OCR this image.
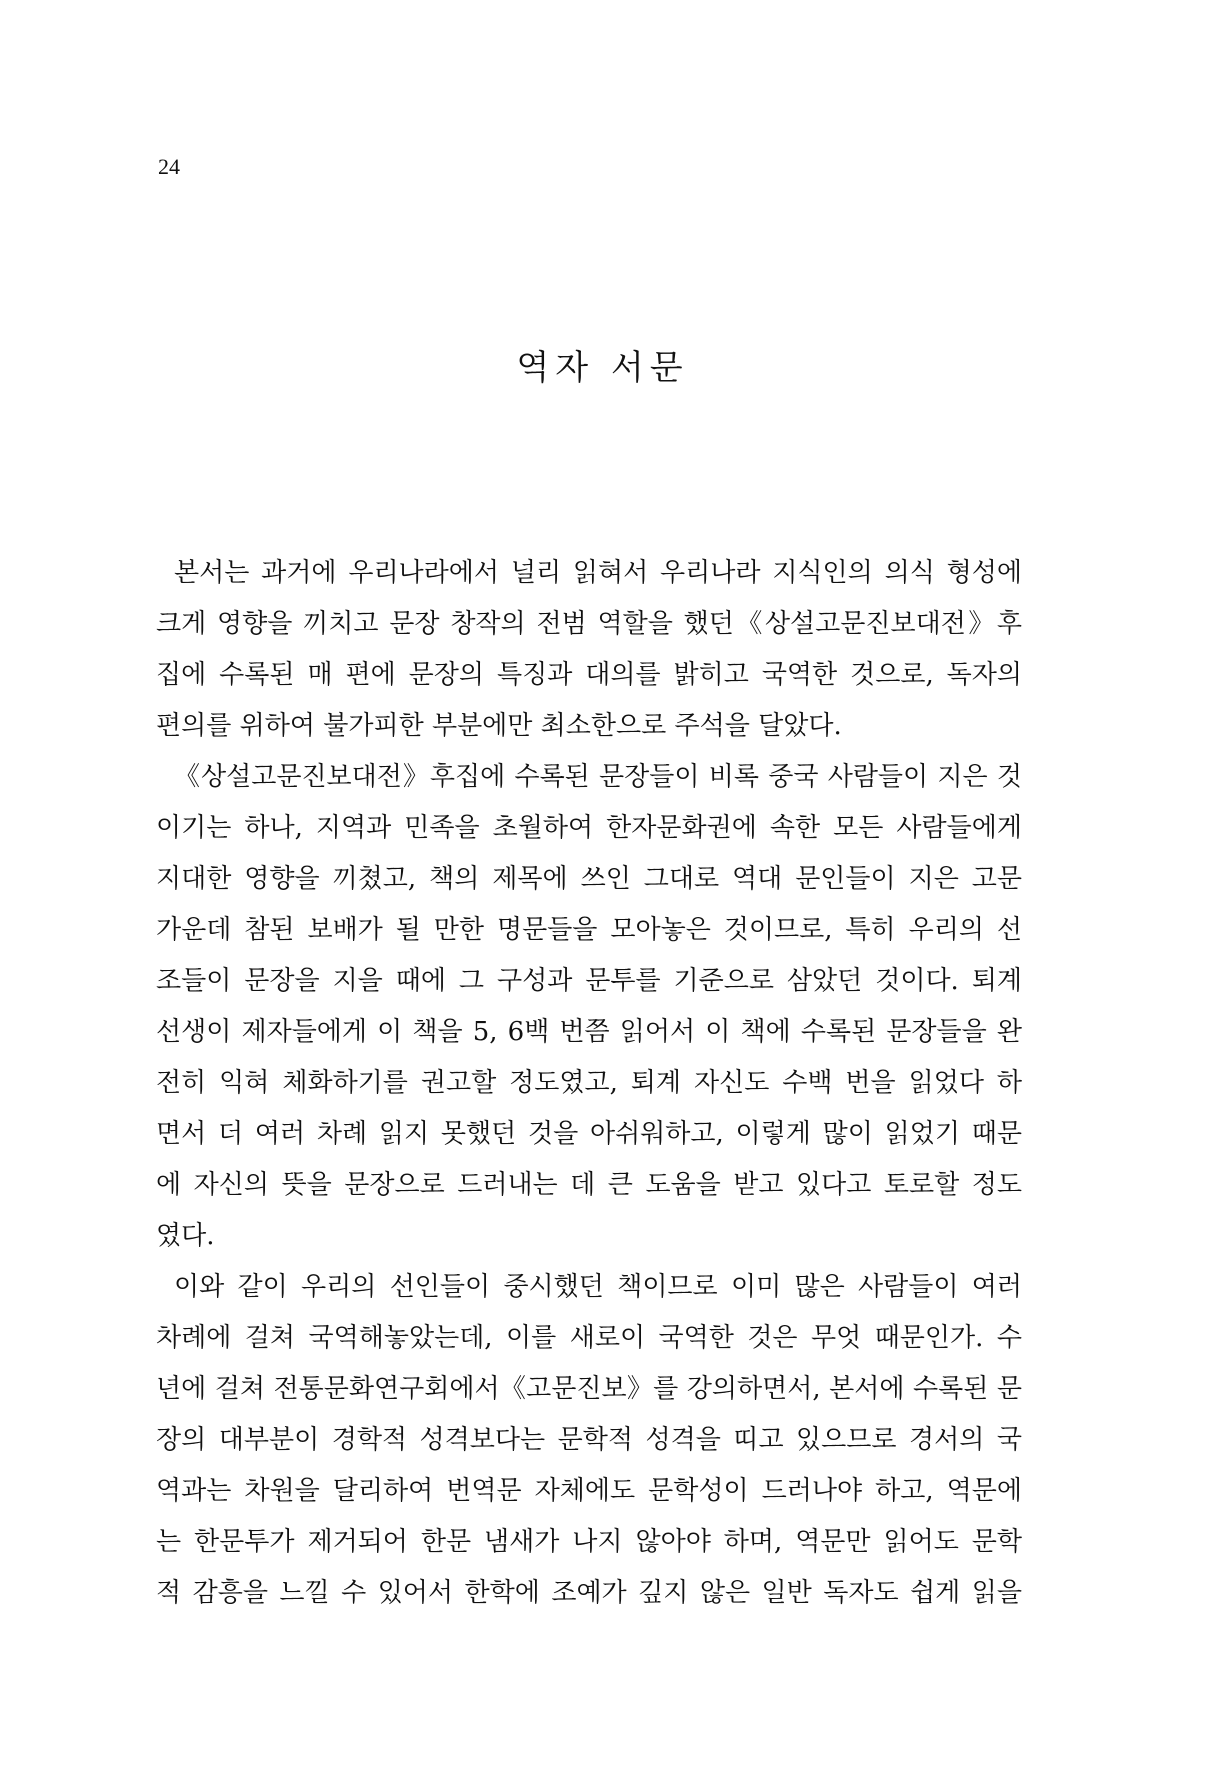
24
역자 서문
본서는 과거에 우리나라에서 널리 읽혀서 우리나라 지식인의 의식 형성에
크게 영향을 끼치고 문장 창작의 전범 역할을 했던《상설고문진보대전》후
집에 수록된 매 편에 문장의 특징과 대의를 밝히고 국역한 것으로, 독자의
편의를 위하여 불가피한 부분에만 최소한으로 주석을 달았다.
《상설고문진보대전》후집에 수록된 문장들이 비록 중국 사람들이 지은 것
이기는 하나, 지역과 민족을 초월하여 한자문화권에 속한 모든 사람들에게
지대한 영향을 끼쳤고, 책의 제목에 쓰인 그대로 역대 문인들이 지은 고문
가운데 참된 보배가 될 만한 명문들을 모아놓은 것이므로, 특히 우리의 선
조들이 문장을 지을 때에 그 구성과 문투를 기준으로 삼았던 것이다. 퇴계
선생이 제자들에게 이 책을 5, 6백 번쯤 읽어서 이 책에 수록된 문장들을 완
전히 익혀 체화하기를 권고할 정도였고, 퇴계 자신도 수백 번을 읽었다 하
면서 더 여러 차례 읽지 못했던 것을 아쉬워하고, 이렇게 많이 읽었기 때문
에 자신의 뜻을 문장으로 드러내는 데 큰 도움을 받고 있다고 토로할 정도
였다.
이와 같이 우리의 선인들이 중시했던 책이므로 이미 많은 사람들이 여러
차례에 걸쳐 국역해놓았는데, 이를 새로이 국역한 것은 무엇 때문인가. 수
년에 걸쳐 전통문화연구회에서《고문진보》를 강의하면서, 본서에 수록된 문
장의 대부분이 경학적 성격보다는 문학적 성격을 띠고 있으므로 경서의 국
역과는 차원을 달리하여 번역문 자체에도 문학성이 드러나야 하고, 역문에
는 한문투가 제거되어 한문 냄새가 나지 않아야 하며, 역문만 읽어도 문학
적 감흥을 느낄 수 있어서 한학에 조예가 깊지 않은 일반 독자도 쉽게 읽을
